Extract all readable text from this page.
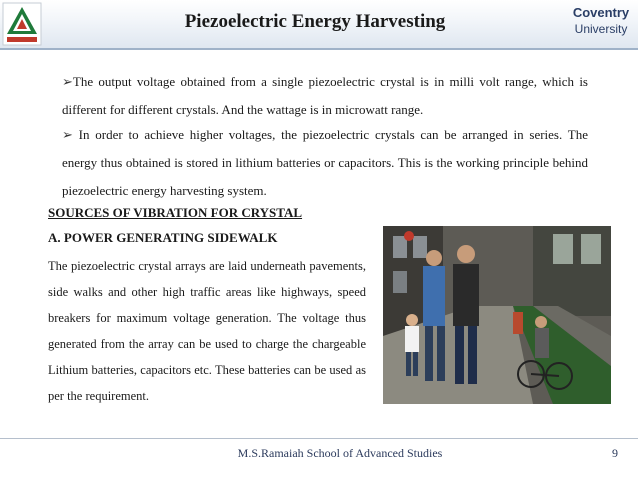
Piezoelectric Energy Harvesting	Coventry
University
➢The output voltage obtained from a single piezoelectric crystal is in milli volt range, which is different for different crystals. And the wattage is in microwatt range.
➢ In order to achieve higher voltages, the piezoelectric crystals can be arranged in series. The energy thus obtained is stored in lithium batteries or capacitors. This is the working principle behind piezoelectric energy harvesting system.
SOURCES OF VIBRATION FOR CRYSTAL
A. POWER GENERATING SIDEWALK
The piezoelectric crystal arrays are laid underneath pavements, side walks and other high traffic areas like highways, speed breakers for maximum voltage generation. The voltage thus generated from the array can be used to charge the chargeable Lithium batteries, capacitors etc. These batteries can be used as per the requirement.
M.S.Ramaiah School of Advanced Studies	9
